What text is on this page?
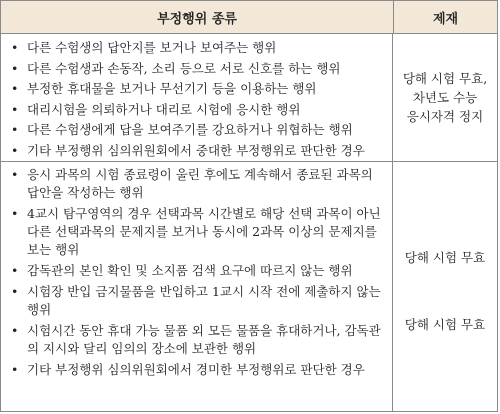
부정행위 종류	제재
• 다른 수험생의 답안지를 보거나 보여주는 행위
• 다른 수험생과 손동작, 소리 등으로 서로 신호를 하는 행위
• 부정한 휴대물을 보거나 무선기기 등을 이용하는 행위
• 대리시험을 의뢰하거나 대리로 시험에 응시한 행위
• 다른 수험생에게 답을 보여주기를 강요하거나 위협하는 행위
• 기타 부정행위 심의위원회에서 중대한 부정행위로 판단한 경우
당해 시험 무효,
차년도 수능
응시자격 정지
• 응시 과목의 시험 종료령이 울린 후에도 계속해서 종료된 과목의 답안을 작성하는 행위
• 4교시 탐구영역의 경우 선택과목 시간별로 해당 선택 과목이 아닌 다른 선택과목의 문제지를 보거나 동시에 2과목 이상의 문제지를 보는 행위
• 감독관의 본인 확인 및 소지품 검색 요구에 따르지 않는 행위
• 시험장 반입 금지물품을 반입하고 1교시 시작 전에 제출하지 않는 행위
• 시험시간 동안 휴대 가능 물품 외 모든 물품을 휴대하거나, 감독관의 지시와 달리 임의의 장소에 보관한 행위
• 기타 부정행위 심의위원회에서 경미한 부정행위로 판단한 경우
당해 시험 무효
당해 시험 무효
